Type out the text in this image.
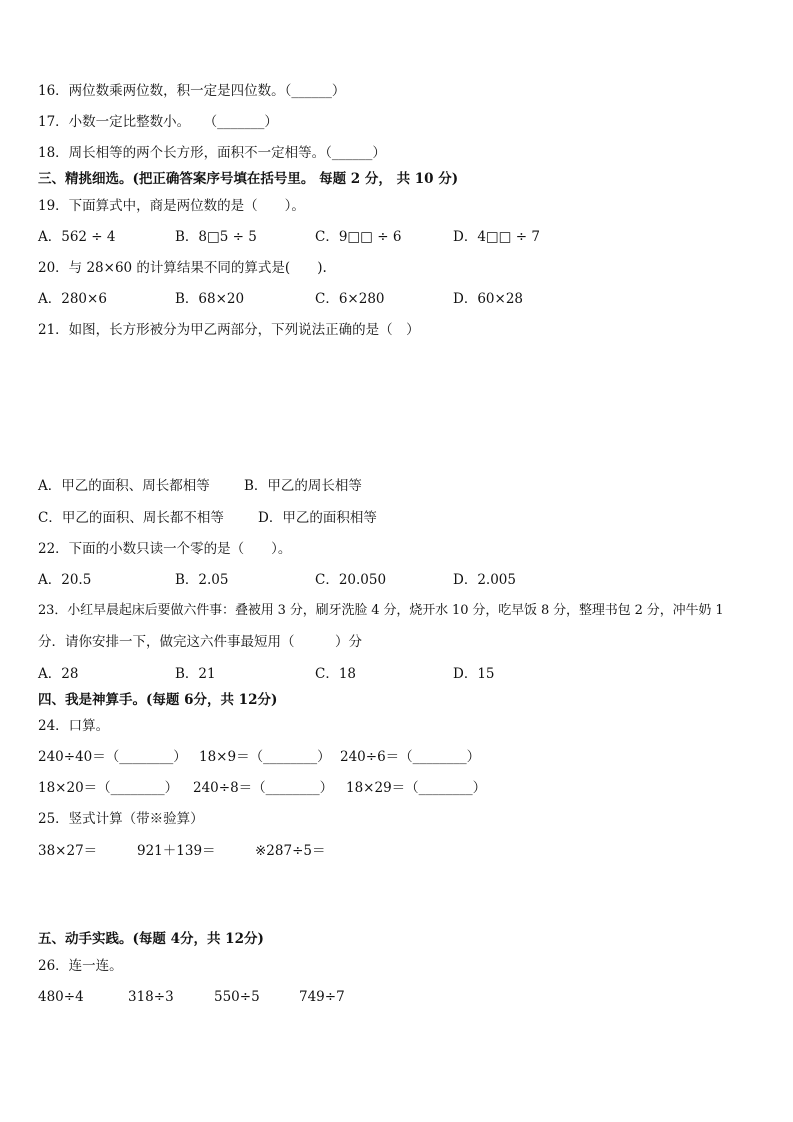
16．两位数乘两位数，积一定是四位数。（______）
17．小数一定比整数小。　　（_______）
18．周长相等的两个长方形，面积不一定相等。（______）
三、精挑细选。(把正确答案序号填在括号里。 每题 2 分， 共 10 分)
19．下面算式中，商是两位数的是（　　）。
A．562 ÷ 4	B．8□5 ÷ 5	C．9□□ ÷ 6	D．4□□ ÷ 7
20．与 28×60 的计算结果不同的算式是(　　).
A．280×6	B．68×20	C．6×280	D．60×28
21．如图，长方形被分为甲乙两部分，下列说法正确的是（　）
A．甲乙的面积、周长都相等	B．甲乙的周长相等
C．甲乙的面积、周长都不相等	D．甲乙的面积相等
22．下面的小数只读一个零的是（　　）。
A．20.5	B．2.05	C．20.050	D．2.005
23．小红早晨起床后要做六件事：叠被用 3 分，刷牙洗脸 4 分，烧开水 10 分，吃早饭 8 分，整理书包 2 分，冲牛奶 1
分．请你安排一下，做完这六件事最短用（　　　）分
A．28	B．21	C．18	D．15
四、我是神算手。(每题 6分，共 12分)
24．口算。
240÷40＝（________） 18×9＝（________） 240÷6＝（________）
18×20＝（________） 240÷8＝（________） 18×29＝（________）
25．竖式计算（带※验算）
38×27＝	921＋139＝	※287÷5＝
五、动手实践。(每题 4分，共 12分)
26．连一连。
480÷4	318÷3	550÷5	749÷7
